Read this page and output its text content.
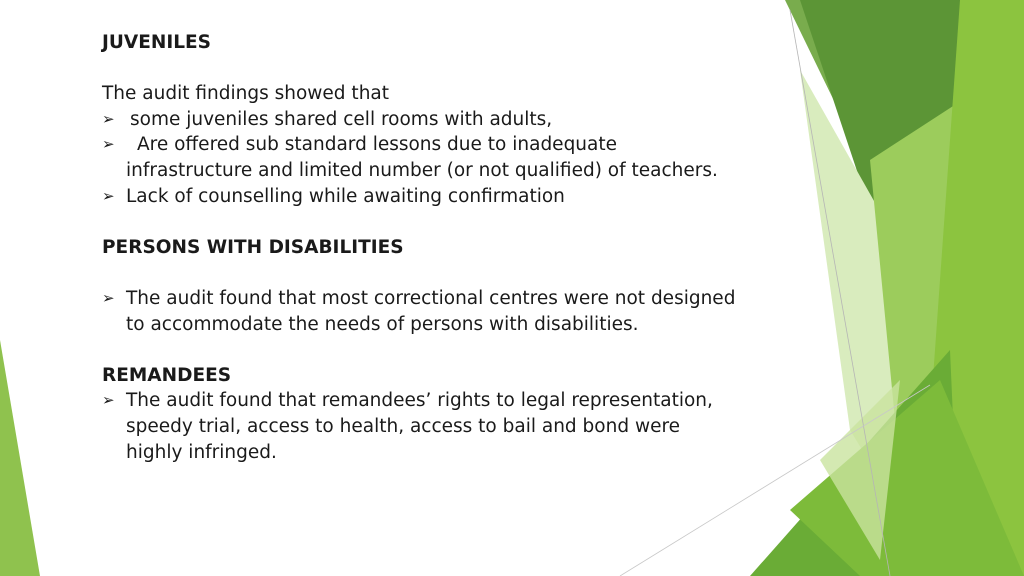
JUVENILES
The audit findings showed that
➢ some juveniles shared cell rooms with adults,
➢	Are offered sub standard lessons due to inadequate
infrastructure and limited number (or not qualified) of teachers.
➢ Lack of counselling while awaiting confirmation
PERSONS WITH DISABILITIES
➢ The audit found that most correctional centres were not designed
to accommodate the needs of persons with disabilities.
REMANDEES
➢ The audit found that remandees’ rights to legal representation,
speedy trial, access to health, access to bail and bond were
highly infringed.
